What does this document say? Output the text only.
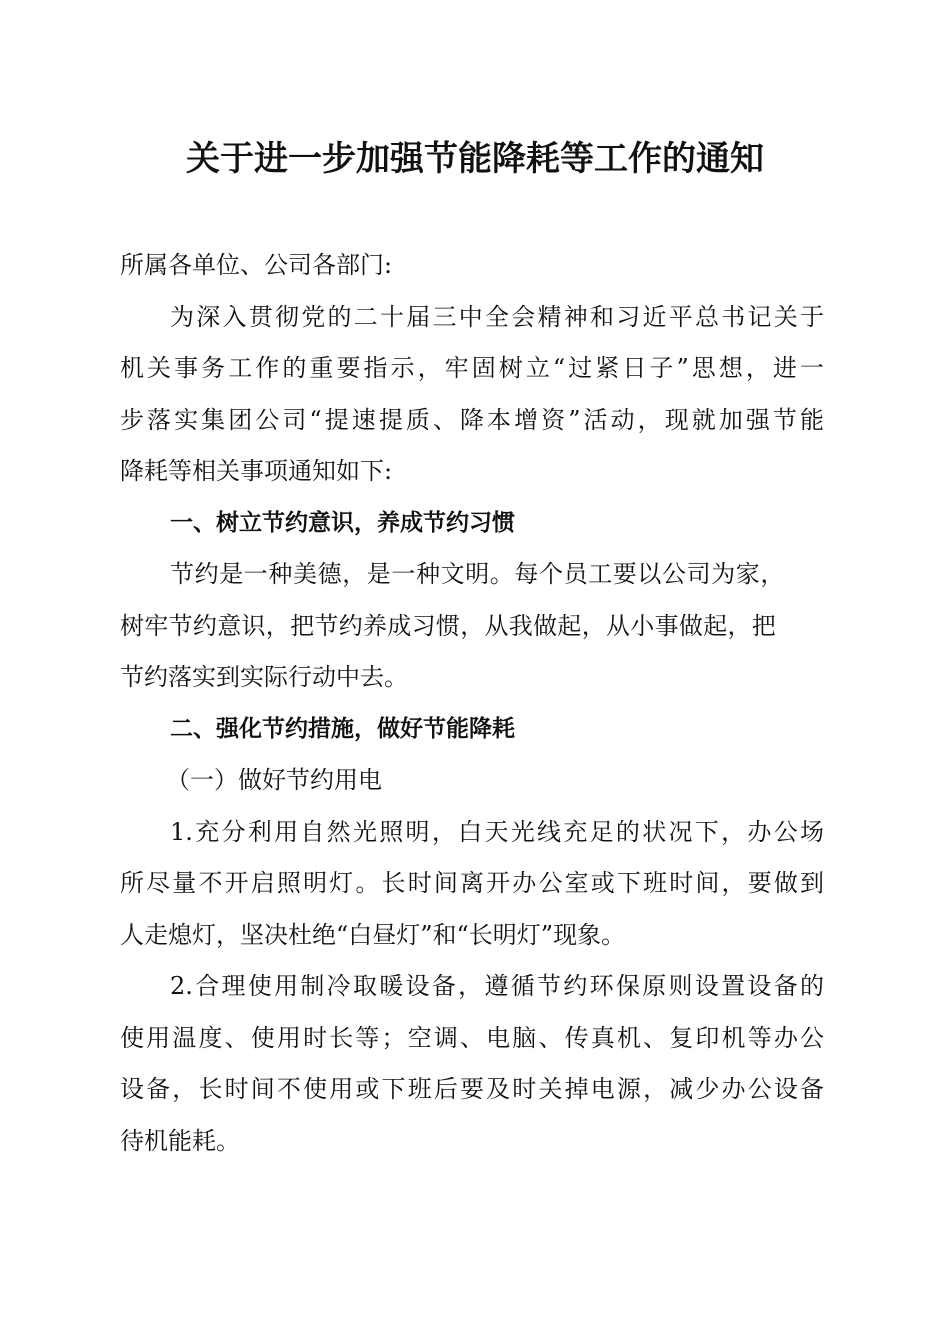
关于进一步加强节能降耗等工作的通知
所属各单位、公司各部门:
为深入贯彻党的二十届三中全会精神和习近平总书记关于
机关事务工作的重要指示，牢固树立“过紧日子”思想，进一
步落实集团公司“提速提质、降本增资”活动，现就加强节能
降耗等相关事项通知如下:
一、树立节约意识，养成节约习惯
节约是一种美德，是一种文明。每个员工要以公司为家，
树牢节约意识，把节约养成习惯，从我做起，从小事做起，把
节约落实到实际行动中去。
二、强化节约措施，做好节能降耗
（一）做好节约用电
1.充分利用自然光照明，白天光线充足的状况下，办公场
所尽量不开启照明灯。长时间离开办公室或下班时间，要做到
人走熄灯，坚决杜绝“白昼灯”和“长明灯”现象。
2.合理使用制冷取暖设备，遵循节约环保原则设置设备的
使用温度、使用时长等；空调、电脑、传真机、复印机等办公
设备，长时间不使用或下班后要及时关掉电源，减少办公设备
待机能耗。
